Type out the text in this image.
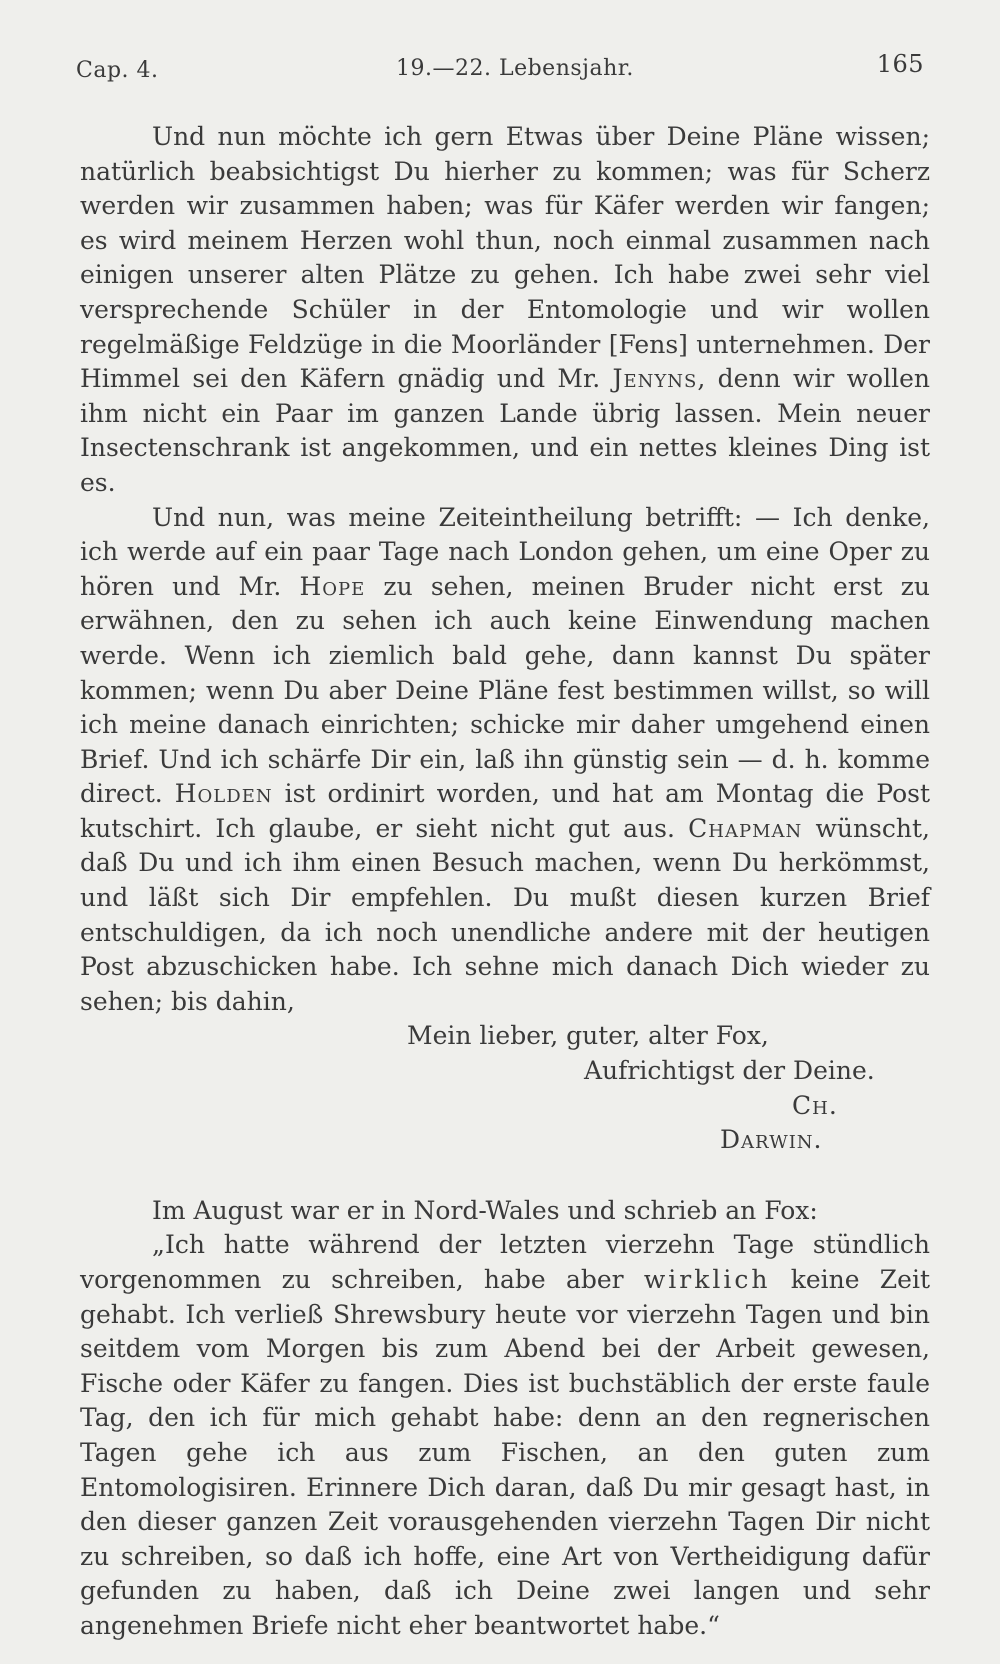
Cap. 4.	19.—22. Lebensjahr.	165

Und nun möchte ich gern Etwas über Deine Pläne wissen; natürlich beabsichtigst Du hierher zu kommen; was für Scherz werden wir zusammen haben; was für Käfer werden wir fangen; es wird meinem Herzen wohl thun, noch einmal zusammen nach einigen unserer alten Plätze zu gehen. Ich habe zwei sehr viel versprechende Schüler in der Entomologie und wir wollen regelmäßige Feldzüge in die Moorländer [Fens] unternehmen. Der Himmel sei den Käfern gnädig und Mr. Jenyns, denn wir wollen ihm nicht ein Paar im ganzen Lande übrig lassen. Mein neuer Insectenschrank ist angekommen, und ein nettes kleines Ding ist es.

Und nun, was meine Zeiteintheilung betrifft: — Ich denke, ich werde auf ein paar Tage nach London gehen, um eine Oper zu hören und Mr. Hope zu sehen, meinen Bruder nicht erst zu erwähnen, den zu sehen ich auch keine Einwendung machen werde. Wenn ich ziemlich bald gehe, dann kannst Du später kommen; wenn Du aber Deine Pläne fest bestimmen willst, so will ich meine danach einrichten; schicke mir daher umgehend einen Brief. Und ich schärfe Dir ein, laß ihn günstig sein — d. h. komme direct. Holden ist ordinirt worden, und hat am Montag die Post kutschirt. Ich glaube, er sieht nicht gut aus. Chapman wünscht, daß Du und ich ihm einen Besuch machen, wenn Du herkömmst, und läßt sich Dir empfehlen. Du mußt diesen kurzen Brief entschuldigen, da ich noch unendliche andere mit der heutigen Post abzuschicken habe. Ich sehne mich danach Dich wieder zu sehen; bis dahin,

Mein lieber, guter, alter Fox,
Aufrichtigst der Deine.
Ch. Darwin.

Im August war er in Nord-Wales und schrieb an Fox:

„Ich hatte während der letzten vierzehn Tage stündlich vorgenommen zu schreiben, habe aber wirklich keine Zeit gehabt. Ich verließ Shrewsbury heute vor vierzehn Tagen und bin seitdem vom Morgen bis zum Abend bei der Arbeit gewesen, Fische oder Käfer zu fangen. Dies ist buchstäblich der erste faule Tag, den ich für mich gehabt habe: denn an den regnerischen Tagen gehe ich aus zum Fischen, an den guten zum Entomologisiren. Erinnere Dich daran, daß Du mir gesagt hast, in den dieser ganzen Zeit vorausgehenden vierzehn Tagen Dir nicht zu schreiben, so daß ich hoffe, eine Art von Vertheidigung dafür gefunden zu haben, daß ich Deine zwei langen und sehr angenehmen Briefe nicht eher beantwortet habe.“
